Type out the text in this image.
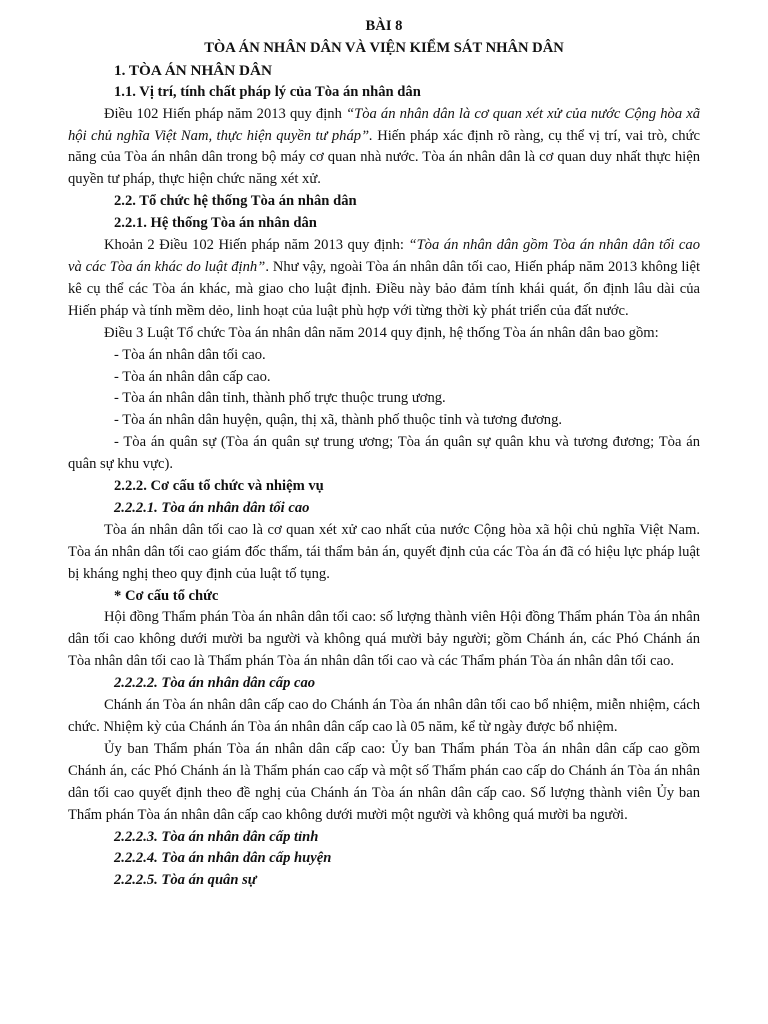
BÀI 8

TÒA ÁN NHÂN DÂN VÀ VIỆN KIỂM SÁT NHÂN DÂN

1. TÒA ÁN NHÂN DÂN

1.1. Vị trí, tính chất pháp lý của Tòa án nhân dân

Điều 102 Hiến pháp năm 2013 quy định “Tòa án nhân dân là cơ quan xét xử của nước Cộng hòa xã hội chủ nghĩa Việt Nam, thực hiện quyền tư pháp”. Hiến pháp xác định rõ ràng, cụ thể vị trí, vai trò, chức năng của Tòa án nhân dân trong bộ máy cơ quan nhà nước. Tòa án nhân dân là cơ quan duy nhất thực hiện quyền tư pháp, thực hiện chức năng xét xử.

2.2. Tổ chức hệ thống Tòa án nhân dân

2.2.1. Hệ thống Tòa án nhân dân

Khoản 2 Điều 102 Hiến pháp năm 2013 quy định: “Tòa án nhân dân gồm Tòa án nhân dân tối cao và các Tòa án khác do luật định”. Như vậy, ngoài Tòa án nhân dân tối cao, Hiến pháp năm 2013 không liệt kê cụ thể các Tòa án khác, mà giao cho luật định. Điều này bảo đảm tính khái quát, ổn định lâu dài của Hiến pháp và tính mềm dẻo, linh hoạt của luật phù hợp với từng thời kỳ phát triển của đất nước.

Điều 3 Luật Tổ chức Tòa án nhân dân năm 2014 quy định, hệ thống Tòa án nhân dân bao gồm:

- Tòa án nhân dân tối cao.

- Tòa án nhân dân cấp cao.

- Tòa án nhân dân tỉnh, thành phố trực thuộc trung ương.

- Tòa án nhân dân huyện, quận, thị xã, thành phố thuộc tỉnh và tương đương.

- Tòa án quân sự (Tòa án quân sự trung ương; Tòa án quân sự quân khu và tương đương; Tòa án quân sự khu vực).

2.2.2. Cơ cấu tổ chức và nhiệm vụ

2.2.2.1. Tòa án nhân dân tối cao

Tòa án nhân dân tối cao là cơ quan xét xử cao nhất của nước Cộng hòa xã hội chủ nghĩa Việt Nam. Tòa án nhân dân tối cao giám đốc thẩm, tái thẩm bản án, quyết định của các Tòa án đã có hiệu lực pháp luật bị kháng nghị theo quy định của luật tố tụng.

* Cơ cấu tổ chức

Hội đồng Thẩm phán Tòa án nhân dân tối cao: số lượng thành viên Hội đồng Thẩm phán Tòa án nhân dân tối cao không dưới mười ba người và không quá mười bảy người; gồm Chánh án, các Phó Chánh án Tòa nhân dân tối cao là Thẩm phán Tòa án nhân dân tối cao và các Thẩm phán Tòa án nhân dân tối cao.

2.2.2.2. Tòa án nhân dân cấp cao

Chánh án Tòa án nhân dân cấp cao do Chánh án Tòa án nhân dân tối cao bổ nhiệm, miễn nhiệm, cách chức. Nhiệm kỳ của Chánh án Tòa án nhân dân cấp cao là 05 năm, kể từ ngày được bổ nhiệm.

Ủy ban Thẩm phán Tòa án nhân dân cấp cao: Ủy ban Thẩm phán Tòa án nhân dân cấp cao gồm Chánh án, các Phó Chánh án là Thẩm phán cao cấp và một số Thẩm phán cao cấp do Chánh án Tòa án nhân dân tối cao quyết định theo đề nghị của Chánh án Tòa án nhân dân cấp cao. Số lượng thành viên Ủy ban Thẩm phán Tòa án nhân dân cấp cao không dưới mười một người và không quá mười ba người.

2.2.2.3. Tòa án nhân dân cấp tỉnh

2.2.2.4. Tòa án nhân dân cấp huyện

2.2.2.5. Tòa án quân sự
